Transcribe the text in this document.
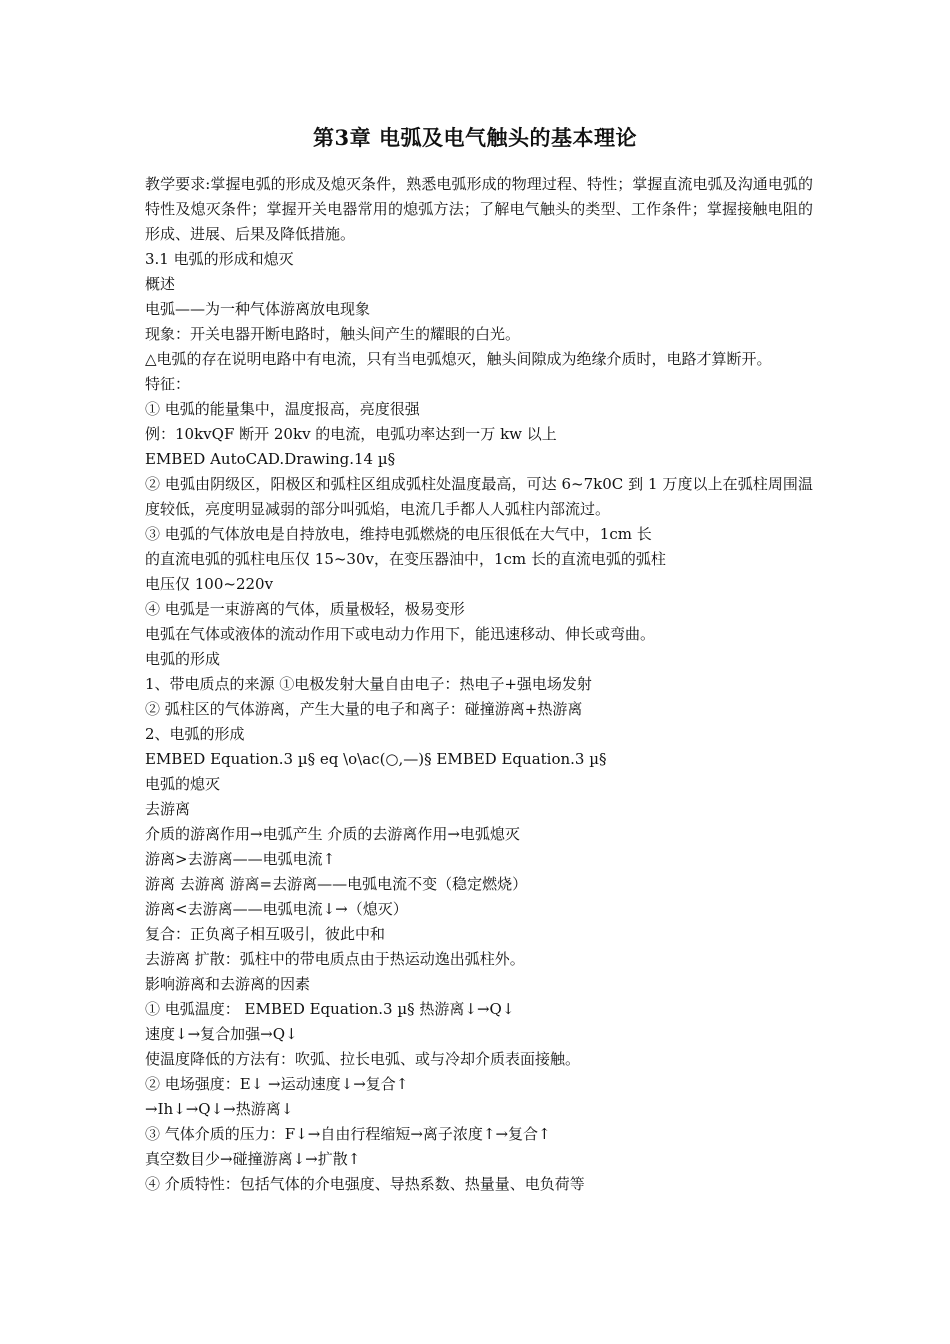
第3章 电弧及电气触头的基本理论

教学要求:掌握电弧的形成及熄灭条件，熟悉电弧形成的物理过程、特性；掌握直流电弧及沟通电弧的特性及熄灭条件；掌握开关电器常用的熄弧方法；了解电气触头的类型、工作条件；掌握接触电阻的形成、进展、后果及降低措施。

3.1 电弧的形成和熄灭

概述

电弧——为一种气体游离放电现象

现象：开关电器开断电路时，触头间产生的耀眼的白光。

△电弧的存在说明电路中有电流，只有当电弧熄灭，触头间隙成为绝缘介质时，电路才算断开。

特征：

① 电弧的能量集中，温度报高，亮度很强

例：10kvQF 断开 20kv 的电流，电弧功率达到一万 kw 以上

EMBED AutoCAD.Drawing.14 µ§

② 电弧由阴级区，阳极区和弧柱区组成弧柱处温度最高，可达 6~7k0C 到 1 万度以上在弧柱周围温度较低，亮度明显减弱的部分叫弧焰，电流几手都人人弧柱内部流过。

③ 电弧的气体放电是自持放电，维持电弧燃烧的电压很低在大气中，1cm 长

的直流电弧的弧柱电压仅 15~30v，在变压器油中，1cm 长的直流电弧的弧柱

电压仅 100~220v

④ 电弧是一束游离的气体，质量极轻，极易变形

电弧在气体或液体的流动作用下或电动力作用下，能迅速移动、伸长或弯曲。

电弧的形成

1、带电质点的来源 ①电极发射大量自由电子：热电子+强电场发射

② 弧柱区的气体游离，产生大量的电子和离子：碰撞游离+热游离

2、电弧的形成

EMBED Equation.3 µ§ eq \o\ac(○,—)§ EMBED Equation.3 µ§

电弧的熄灭

去游离

介质的游离作用→电弧产生 介质的去游离作用→电弧熄灭

游离>去游离——电弧电流↑

游离 去游离 游离=去游离——电弧电流不变（稳定燃烧）

游离<去游离——电弧电流↓→（熄灭）

复合：正负离子相互吸引，彼此中和

去游离 扩散：弧柱中的带电质点由于热运动逸出弧柱外。

影响游离和去游离的因素

① 电弧温度： EMBED Equation.3 µ§ 热游离↓→Q↓

速度↓→复合加强→Q↓

使温度降低的方法有：吹弧、拉长电弧、或与冷却介质表面接触。

② 电场强度：E↓ →运动速度↓→复合↑

→Ih↓→Q↓→热游离↓

③ 气体介质的压力：F↓→自由行程缩短→离子浓度↑→复合↑

真空数目少→碰撞游离↓→扩散↑

④ 介质特性：包括气体的介电强度、导热系数、热量量、电负荷等
